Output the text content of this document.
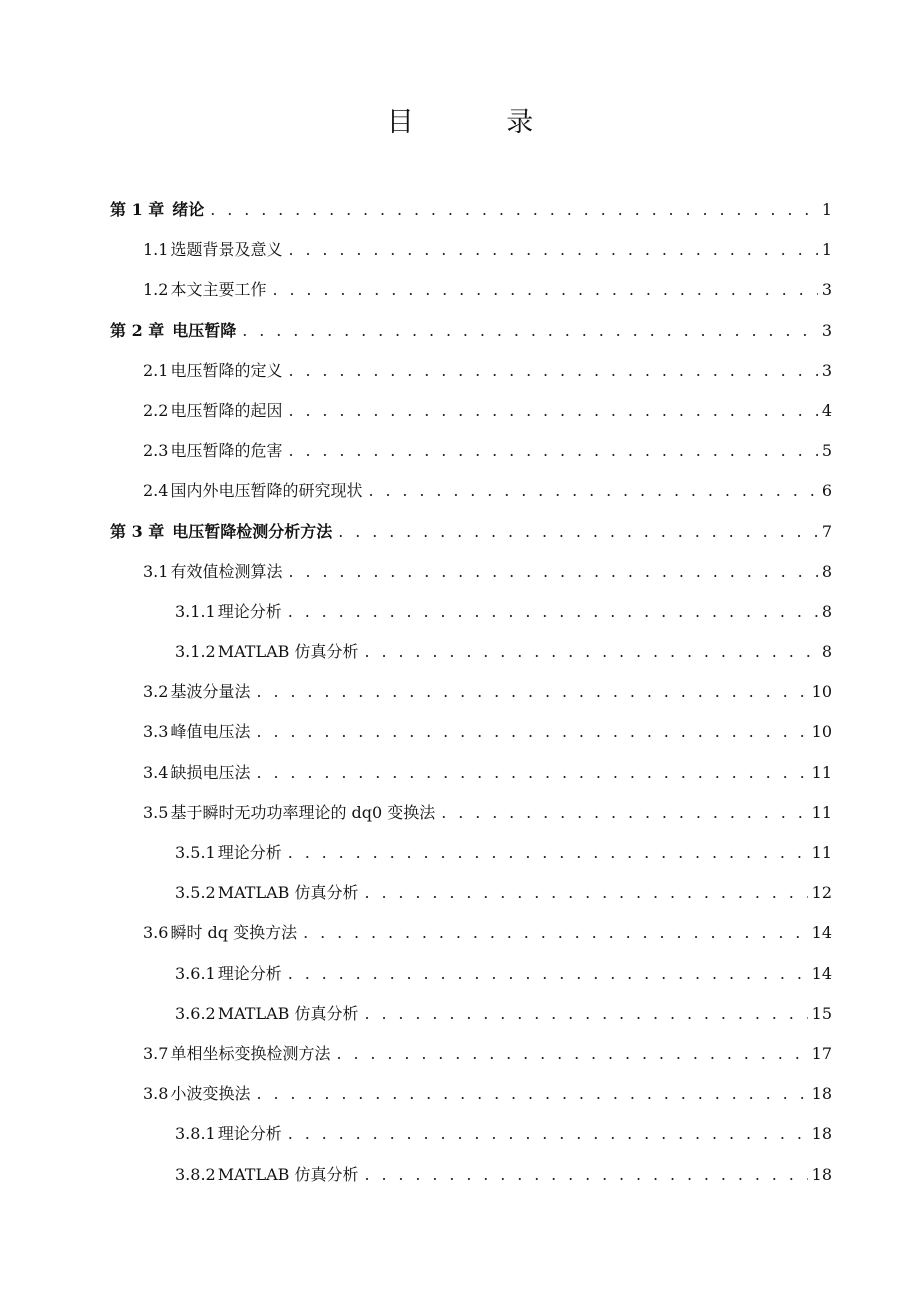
目 录
第 1 章 绪论 . . .	1
1.1 选题背景及意义 . . .	1
1.2 本文主要工作 . . .	3
第 2 章 电压暂降 . . .	3
2.1 电压暂降的定义 . . .	3
2.2 电压暂降的起因 . . .	4
2.3 电压暂降的危害 . . .	5
2.4 国内外电压暂降的研究现状 . . .	6
第 3 章 电压暂降检测分析方法 . . .	7
3.1 有效值检测算法 . . .	8
3.1.1 理论分析 . . .	8
3.1.2 MATLAB 仿真分析 . . .	8
3.2 基波分量法 . . .	10
3.3 峰值电压法 . . .	10
3.4 缺损电压法 . . .	11
3.5 基于瞬时无功功率理论的 dq0 变换法 . . .	11
3.5.1 理论分析 . . .	11
3.5.2 MATLAB 仿真分析 . . .	12
3.6 瞬时 dq 变换方法 . . .	14
3.6.1 理论分析 . . .	14
3.6.2 MATLAB 仿真分析 . . .	15
3.7 单相坐标变换检测方法 . . .	17
3.8 小波变换法 . . .	18
3.8.1 理论分析 . . .	18
3.8.2 MATLAB 仿真分析 . . .	18
